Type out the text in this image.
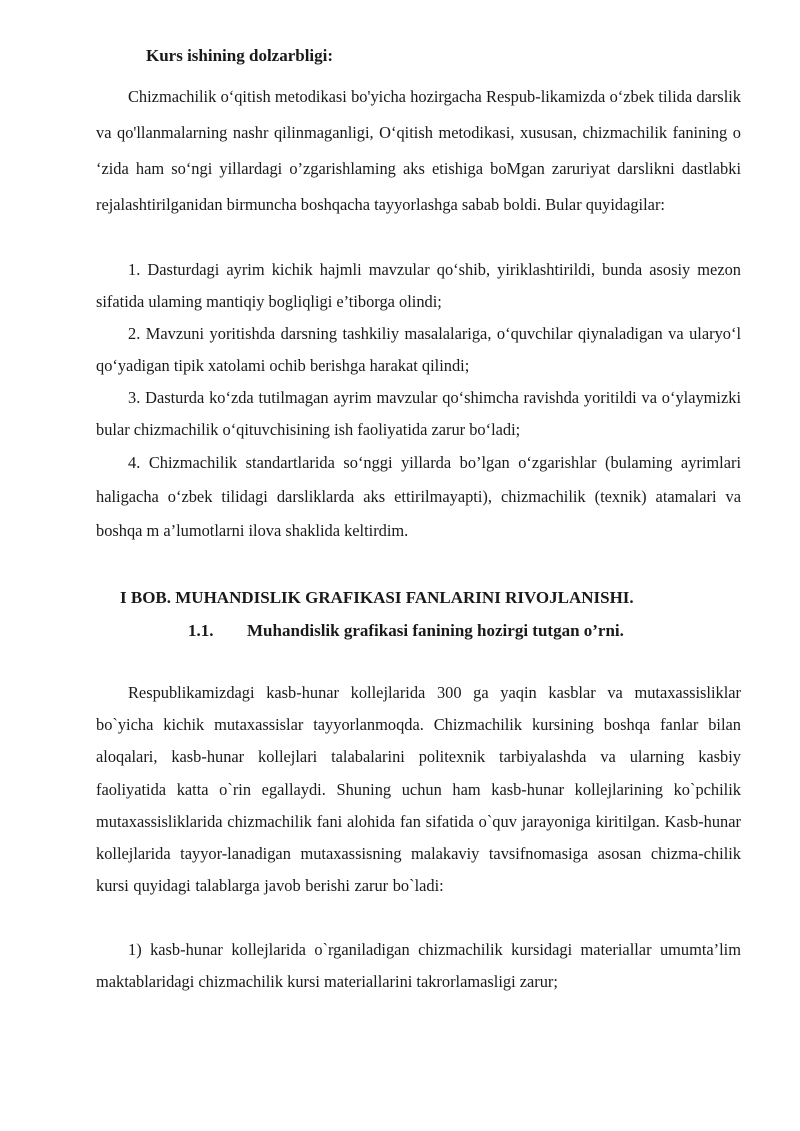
Kurs ishining dolzarbligi:

Chizmachilik o‘qitish metodikasi bo'yicha hozirgacha Respub-likamizda o‘zbek tilida darslik va qo'llanmalarning nashr qilinmaganligi, O‘qitish metodikasi, xususan, chizmachilik fanining o ‘zida ham so‘ngi yillardagi o’zgarishlaming aks etishiga boMgan zaruriyat darslikni dastlabki rejalashtirilganidan birmuncha boshqacha tayyorlashga sabab boldi. Bular quyidagilar:

1. Dasturdagi ayrim kichik hajmli mavzular qo‘shib, yiriklashtirildi, bunda asosiy mezon sifatida ulaming mantiqiy bogliqligi e’tiborga olindi;

2. Mavzuni yoritishda darsning tashkiliy masalalariga, o‘quvchilar qiynaladigan va ularyo‘l qo‘yadigan tipik xatolami ochib berishga harakat qilindi;

3. Dasturda ko‘zda tutilmagan ayrim mavzular qo‘shimcha ravishda yoritildi va o‘ylaymizki bular chizmachilik o‘qituvchisining ish faoliyatida zarur bo‘ladi;

4. Chizmachilik standartlarida so‘nggi yillarda bo’lgan o‘zgarishlar (bulaming ayrimlari haligacha o‘zbek tilidagi darsliklarda aks ettirilmayapti), chizmachilik (texnik) atamalari va boshqa m a’lumotlarni ilova shaklida keltirdim.

I BOB. MUHANDISLIK GRAFIKASI FANLARINI RIVOJLANISHI.
1.1. Muhandislik grafikasi fanining hozirgi tutgan o’rni.

Respublikamizdagi kasb-hunar kollejlarida 300 ga yaqin kasblar va mutaxassisliklar bo`yicha kichik mutaxassislar tayyorlanmoqda. Chizmachilik kursining boshqa fanlar bilan aloqalari, kasb-hunar kollejlari talabalarini politexnik tarbiyalashda va ularning kasbiy faoliyatida katta o`rin egallaydi. Shuning uchun ham kasb-hunar kollejlarining ko`pchilik mutaxassisliklarida chizmachilik fani alohida fan sifatida o`quv jarayoniga kiritilgan. Kasb-hunar kollejlarida tayyor-lanadigan mutaxassisning malakaviy tavsifnomasiga asosan chizma-chilik kursi quyidagi talablarga javob berishi zarur bo`ladi:

1) kasb-hunar kollejlarida o`rganiladigan chizmachilik kursidagi materiallar umumta’lim maktablaridagi chizmachilik kursi materiallarini takrorlamasligi zarur;
